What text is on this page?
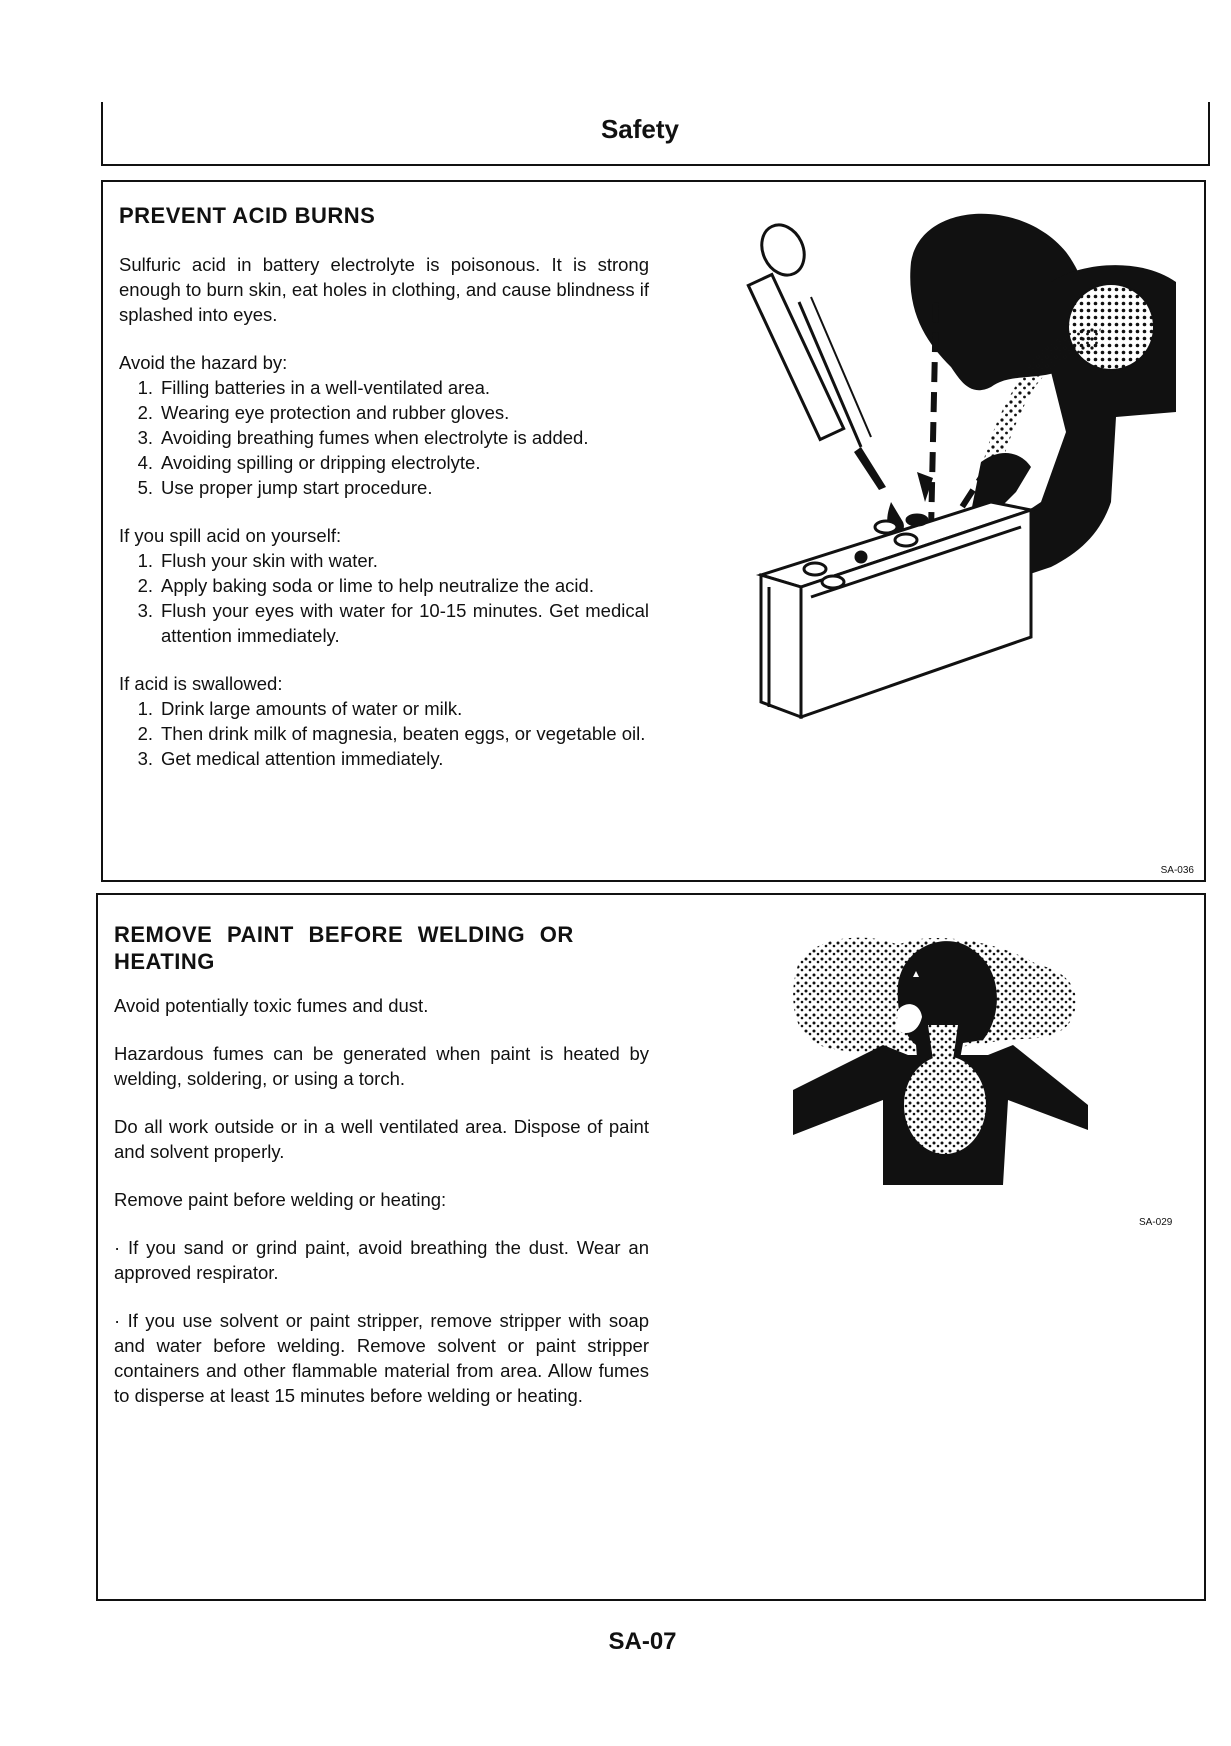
Safety
PREVENT ACID BURNS

Sulfuric acid in battery electrolyte is poisonous. It is strong enough to burn skin, eat holes in clothing, and cause blindness if splashed into eyes.

Avoid the hazard by:

1. Filling batteries in a well-ventilated area.
2. Wearing eye protection and rubber gloves.
3. Avoiding breathing fumes when electrolyte is added.
4. Avoiding spilling or dripping electrolyte.
5. Use proper jump start procedure.

If you spill acid on yourself:

1. Flush your skin with water.
2. Apply baking soda or lime to help neutralize the acid.
3. Flush your eyes with water for 10-15 minutes. Get medical attention immediately.

If acid is swallowed:

1. Drink large amounts of water or milk.
2. Then drink milk of magnesia, beaten eggs, or vegetable oil.
3. Get medical attention immediately.
SA-036
REMOVE PAINT BEFORE WELDING OR HEATING

Avoid potentially toxic fumes and dust.

Hazardous fumes can be generated when paint is heated by welding, soldering, or using a torch.

Do all work outside or in a well ventilated area. Dispose of paint and solvent properly.

Remove paint before welding or heating:

· If you sand or grind paint, avoid breathing the dust. Wear an approved respirator.

· If you use solvent or paint stripper, remove stripper with soap and water before welding. Remove solvent or paint stripper containers and other flammable material from area. Allow fumes to disperse at least 15 minutes before welding or heating.

SA-029
SA-07
